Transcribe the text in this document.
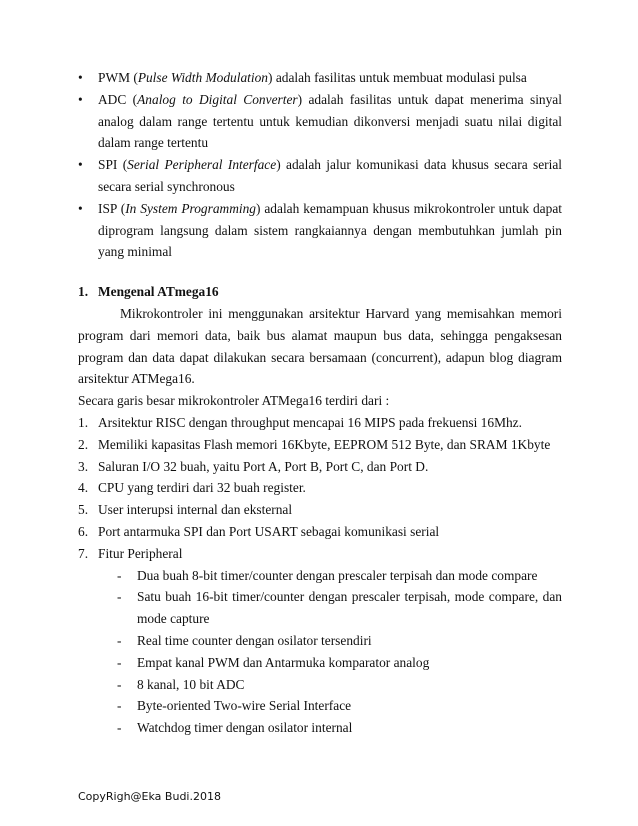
• PWM (Pulse Width Modulation) adalah fasilitas untuk membuat modulasi pulsa
• ADC (Analog to Digital Converter) adalah fasilitas untuk dapat menerima sinyal analog dalam range tertentu untuk kemudian dikonversi menjadi suatu nilai digital dalam range tertentu
• SPI (Serial Peripheral Interface) adalah jalur komunikasi data khusus secara serial secara serial synchronous
• ISP (In System Programming) adalah kemampuan khusus mikrokontroler untuk dapat diprogram langsung dalam sistem rangkaiannya dengan membutuhkan jumlah pin yang minimal
1. Mengenal ATmega16
Mikrokontroler ini menggunakan arsitektur Harvard yang memisahkan memori program dari memori data, baik bus alamat maupun bus data, sehingga pengaksesan program dan data dapat dilakukan secara bersamaan (concurrent), adapun blog diagram arsitektur ATMega16.
Secara garis besar mikrokontroler ATMega16 terdiri dari :
1. Arsitektur RISC dengan throughput mencapai 16 MIPS pada frekuensi 16Mhz.
2. Memiliki kapasitas Flash memori 16Kbyte, EEPROM 512 Byte, dan SRAM 1Kbyte
3. Saluran I/O 32 buah, yaitu Port A, Port B, Port C, dan Port D.
4. CPU yang terdiri dari 32 buah register.
5. User interupsi internal dan eksternal
6. Port antarmuka SPI dan Port USART sebagai komunikasi serial
7. Fitur Peripheral
- Dua buah 8-bit timer/counter dengan prescaler terpisah dan mode compare
- Satu buah 16-bit timer/counter dengan prescaler terpisah, mode compare, dan mode capture
- Real time counter dengan osilator tersendiri
- Empat kanal PWM dan Antarmuka komparator analog
- 8 kanal, 10 bit ADC
- Byte-oriented Two-wire Serial Interface
- Watchdog timer dengan osilator internal
CopyRigh@Eka Budi.2018
